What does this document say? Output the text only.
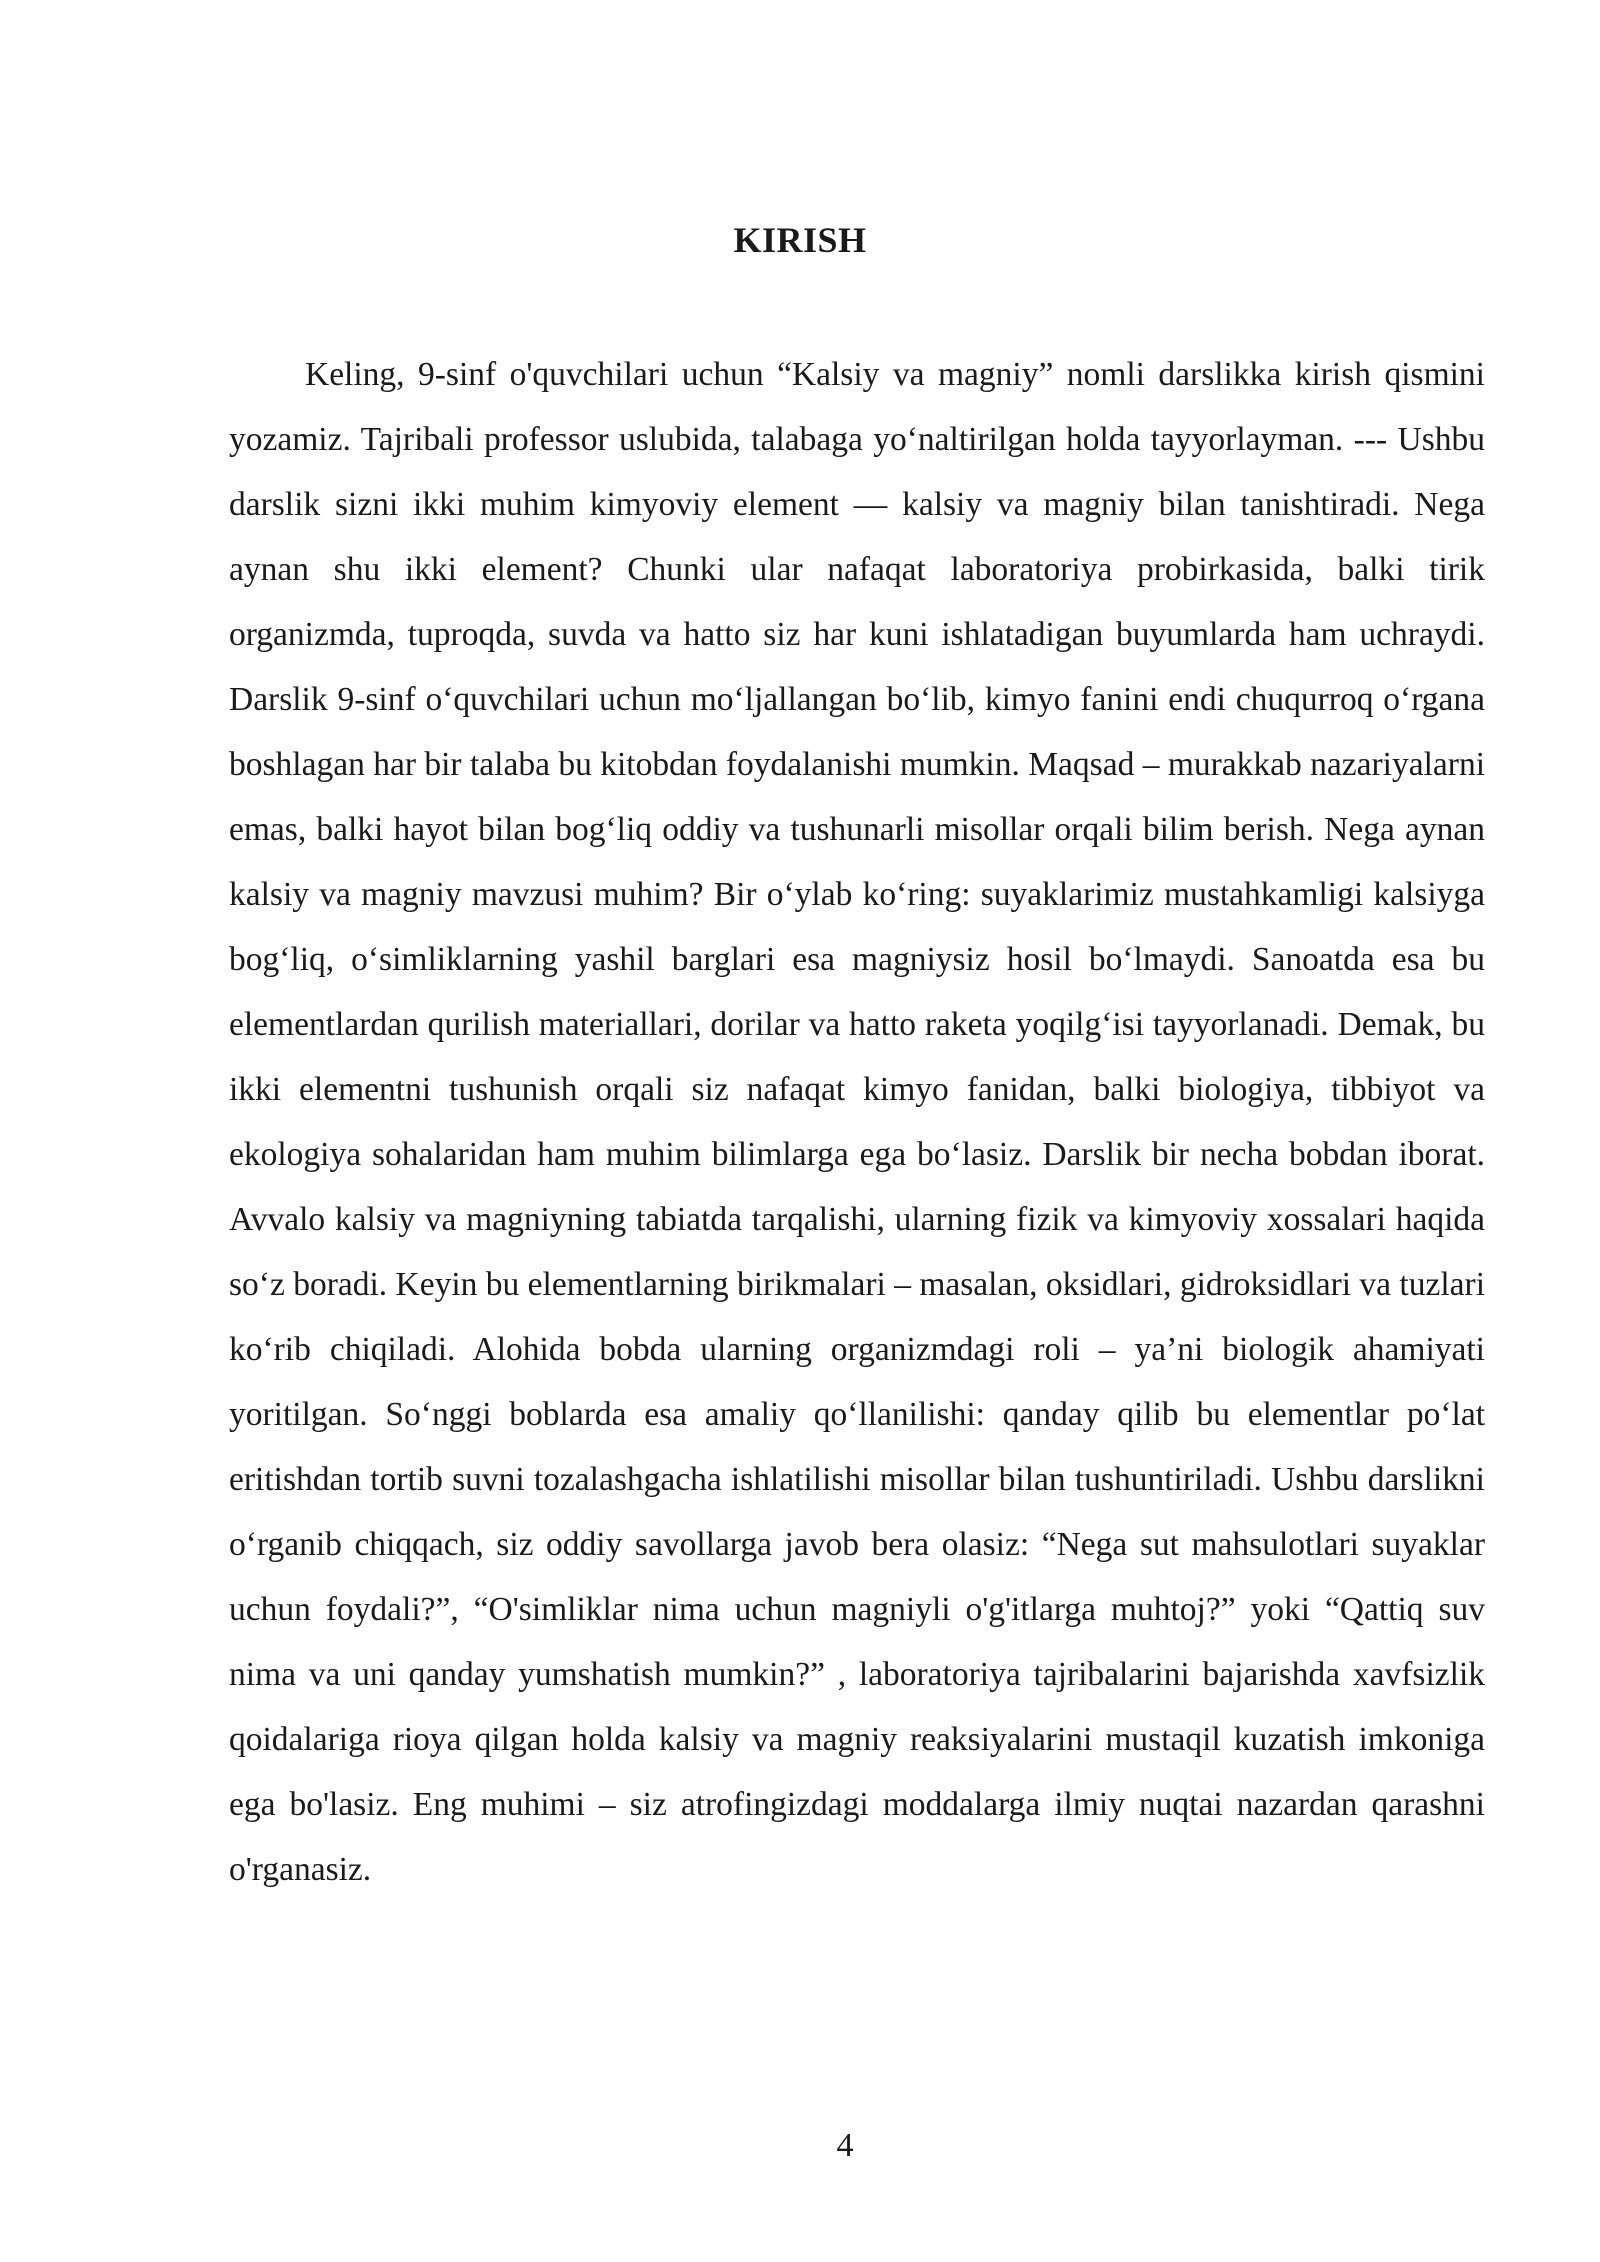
KIRISH

Keling, 9-sinf o'quvchilari uchun “Kalsiy va magniy” nomli darslikka kirish qismini yozamiz. Tajribali professor uslubida, talabaga yo‘naltirilgan holda tayyorlayman. --- Ushbu darslik sizni ikki muhim kimyoviy element — kalsiy va magniy bilan tanishtiradi. Nega aynan shu ikki element? Chunki ular nafaqat laboratoriya probirkasida, balki tirik organizmda, tuproqda, suvda va hatto siz har kuni ishlatadigan buyumlarda ham uchraydi. Darslik 9-sinf o‘quvchilari uchun mo‘ljallangan bo‘lib, kimyo fanini endi chuqurroq o‘rgana boshlagan har bir talaba bu kitobdan foydalanishi mumkin. Maqsad – murakkab nazariyalarni emas, balki hayot bilan bog‘liq oddiy va tushunarli misollar orqali bilim berish. Nega aynan kalsiy va magniy mavzusi muhim? Bir o‘ylab ko‘ring: suyaklarimiz mustahkamligi kalsiyga bog‘liq, o‘simliklarning yashil barglari esa magniysiz hosil bo‘lmaydi. Sanoatda esa bu elementlardan qurilish materiallari, dorilar va hatto raketa yoqilg‘isi tayyorlanadi. Demak, bu ikki elementni tushunish orqali siz nafaqat kimyo fanidan, balki biologiya, tibbiyot va ekologiya sohalaridan ham muhim bilimlarga ega bo‘lasiz. Darslik bir necha bobdan iborat. Avvalo kalsiy va magniyning tabiatda tarqalishi, ularning fizik va kimyoviy xossalari haqida so‘z boradi. Keyin bu elementlarning birikmalari – masalan, oksidlari, gidroksidlari va tuzlari ko‘rib chiqiladi. Alohida bobda ularning organizmdagi roli – ya’ni biologik ahamiyati yoritilgan. So‘nggi boblarda esa amaliy qo‘llanilishi: qanday qilib bu elementlar po‘lat eritishdan tortib suvni tozalashgacha ishlatilishi misollar bilan tushuntiriladi. Ushbu darslikni o‘rganib chiqqach, siz oddiy savollarga javob bera olasiz: “Nega sut mahsulotlari suyaklar uchun foydali?”, “O'simliklar nima uchun magniyli o'g'itlarga muhtoj?” yoki “Qattiq suv nima va uni qanday yumshatish mumkin?” , laboratoriya tajribalarini bajarishda xavfsizlik qoidalariga rioya qilgan holda kalsiy va magniy reaksiyalarini mustaqil kuzatish imkoniga ega bo'lasiz. Eng muhimi – siz atrofingizdagi moddalarga ilmiy nuqtai nazardan qarashni o'rganasiz.

4
